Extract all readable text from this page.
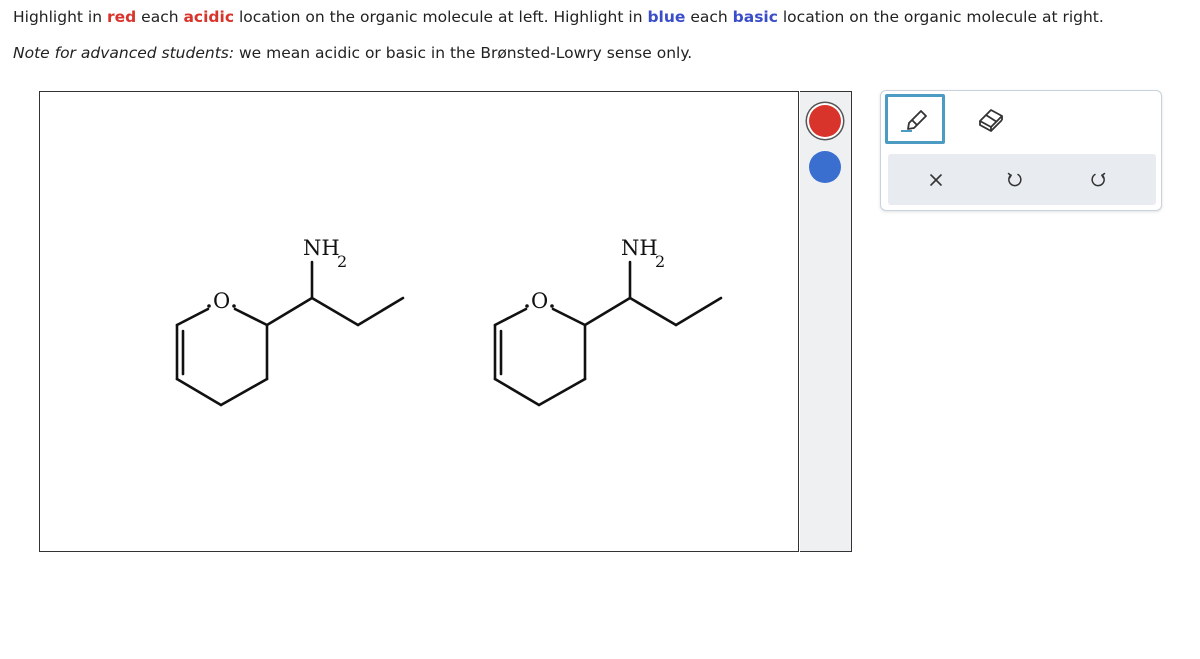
Highlight in red each acidic location on the organic molecule at left. Highlight in blue each basic location on the organic molecule at right.
Note for advanced students: we mean acidic or basic in the Brønsted-Lowry sense only.
NH
2
O
NH
2
O
